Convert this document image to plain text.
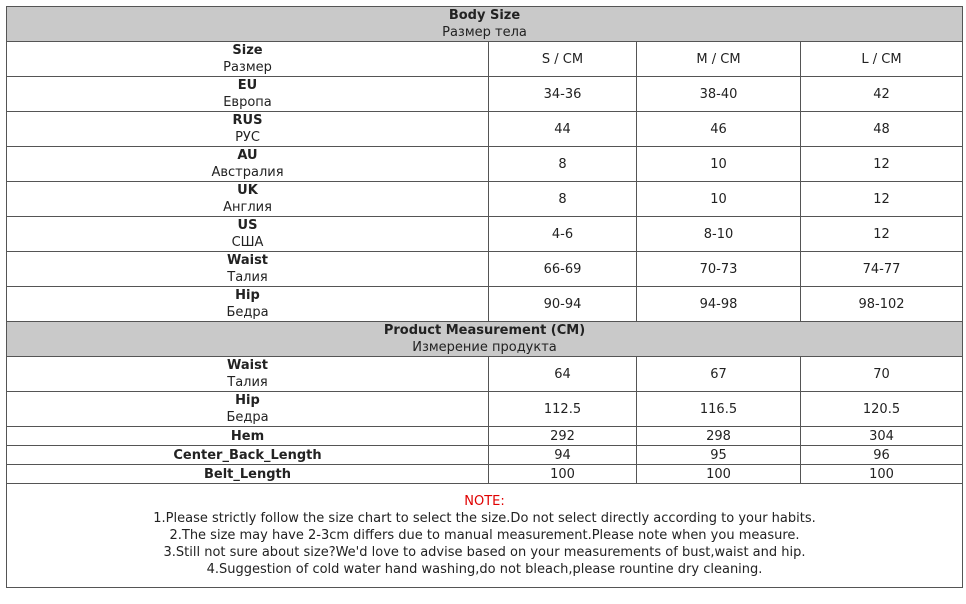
Body Size
Размер тела			

Size
Размер	S / CM	M / CM	L / CM

EU
Европа	34-36	38-40	42

RUS
РУС	44	46	48

AU
Австралия	8	10	12

UK
Англия	8	10	12

US
США	4-6	8-10	12

Waist
Талия	66-69	70-73	74-77

Hip
Бедра	90-94	94-98	98-102

Product Measurement (CM)
Измерение продукта			

Waist
Талия	64	67	70

Hip
Бедра	112.5	116.5	120.5

Hem	292	298	304

Center_Back_Length	94	95	96

Belt_Length	100	100	100

NOTE:
1.Please strictly follow the size chart to select the size.Do not select directly according to your habits.
2.The size may have 2-3cm differs due to manual measurement.Please note when you measure.
3.Still not sure about size?We'd love to advise based on your measurements of bust,waist and hip.
4.Suggestion of cold water hand washing,do not bleach,please rountine dry cleaning.			
